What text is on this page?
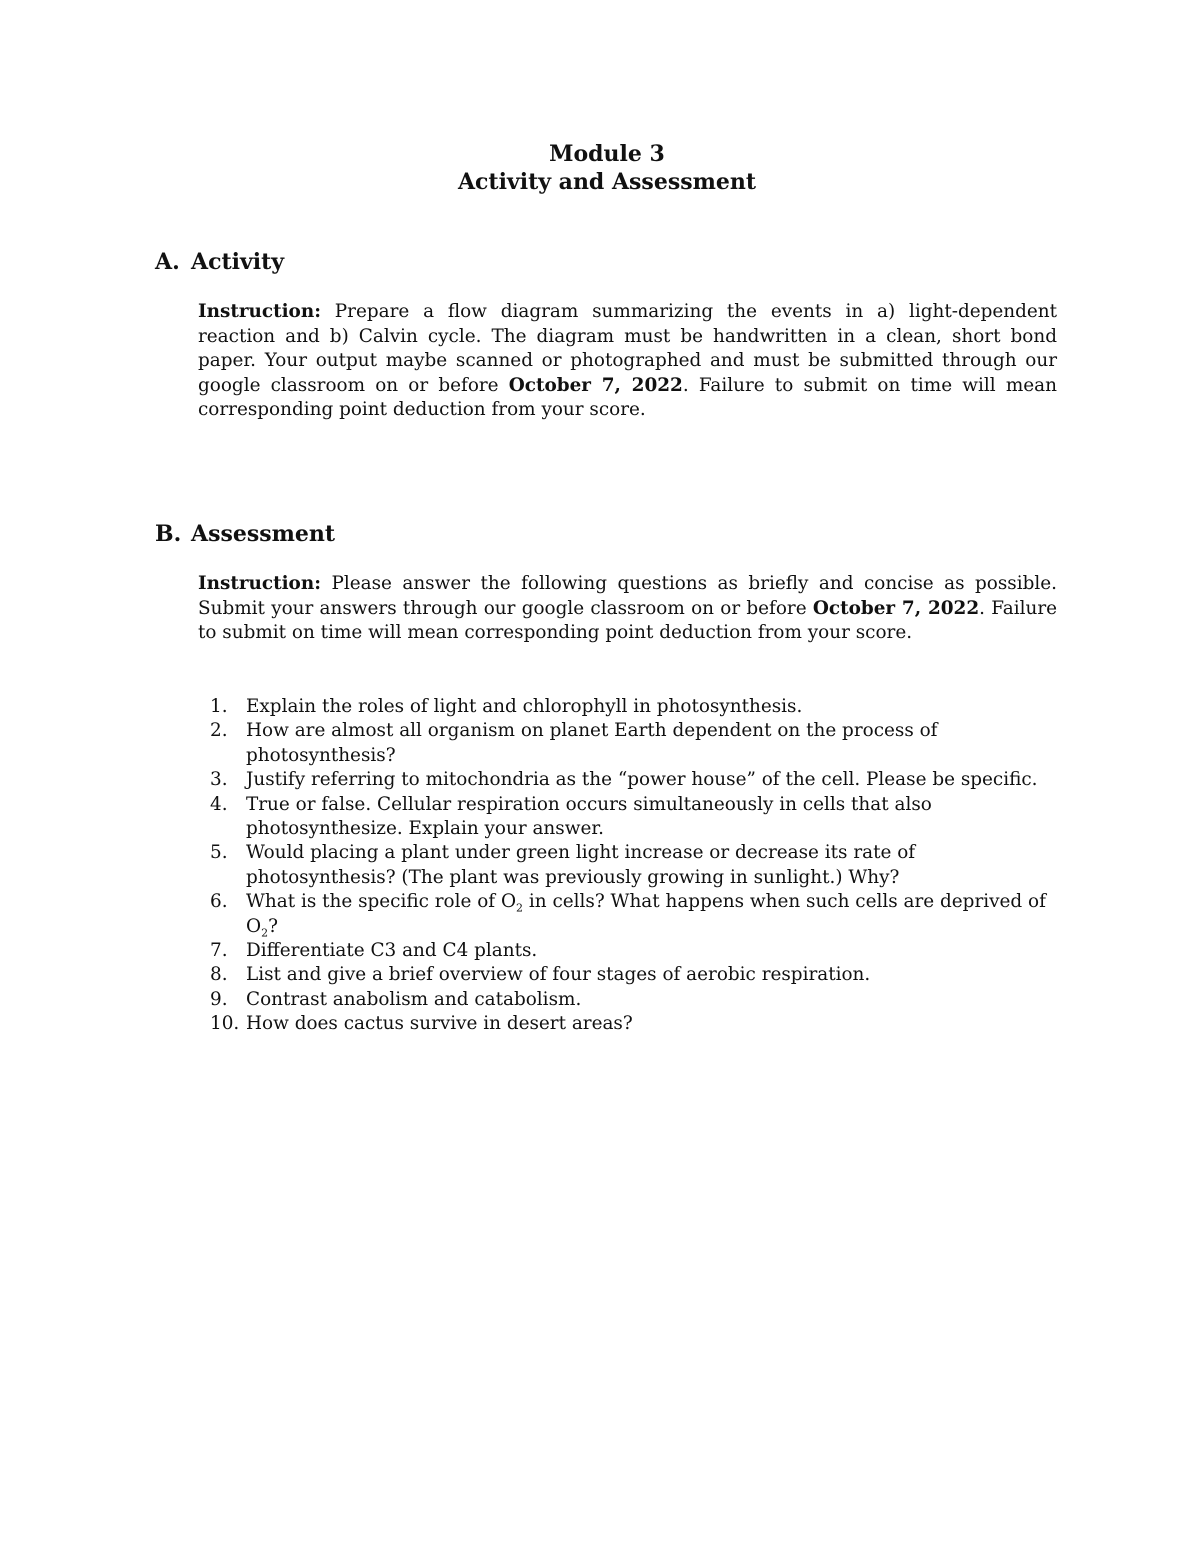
Module 3
Activity and Assessment
A. Activity

Instruction: Prepare a flow diagram summarizing the events in a) light-dependent reaction and b) Calvin cycle. The diagram must be handwritten in a clean, short bond paper. Your output maybe scanned or photographed and must be submitted through our google classroom on or before October 7, 2022. Failure to submit on time will mean corresponding point deduction from your score.

B. Assessment

Instruction: Please answer the following questions as briefly and concise as possible. Submit your answers through our google classroom on or before October 7, 2022. Failure to submit on time will mean corresponding point deduction from your score.

1. Explain the roles of light and chlorophyll in photosynthesis.
2. How are almost all organism on planet Earth dependent on the process of photosynthesis?
3. Justify referring to mitochondria as the “power house” of the cell. Please be specific.
4. True or false. Cellular respiration occurs simultaneously in cells that also photosynthesize. Explain your answer.
5. Would placing a plant under green light increase or decrease its rate of photosynthesis? (The plant was previously growing in sunlight.) Why?
6. What is the specific role of $O_2$ in cells? What happens when such cells are deprived of $O_2$?
7. Differentiate C3 and C4 plants.
8. List and give a brief overview of four stages of aerobic respiration.
9. Contrast anabolism and catabolism.
10. How does cactus survive in desert areas?
